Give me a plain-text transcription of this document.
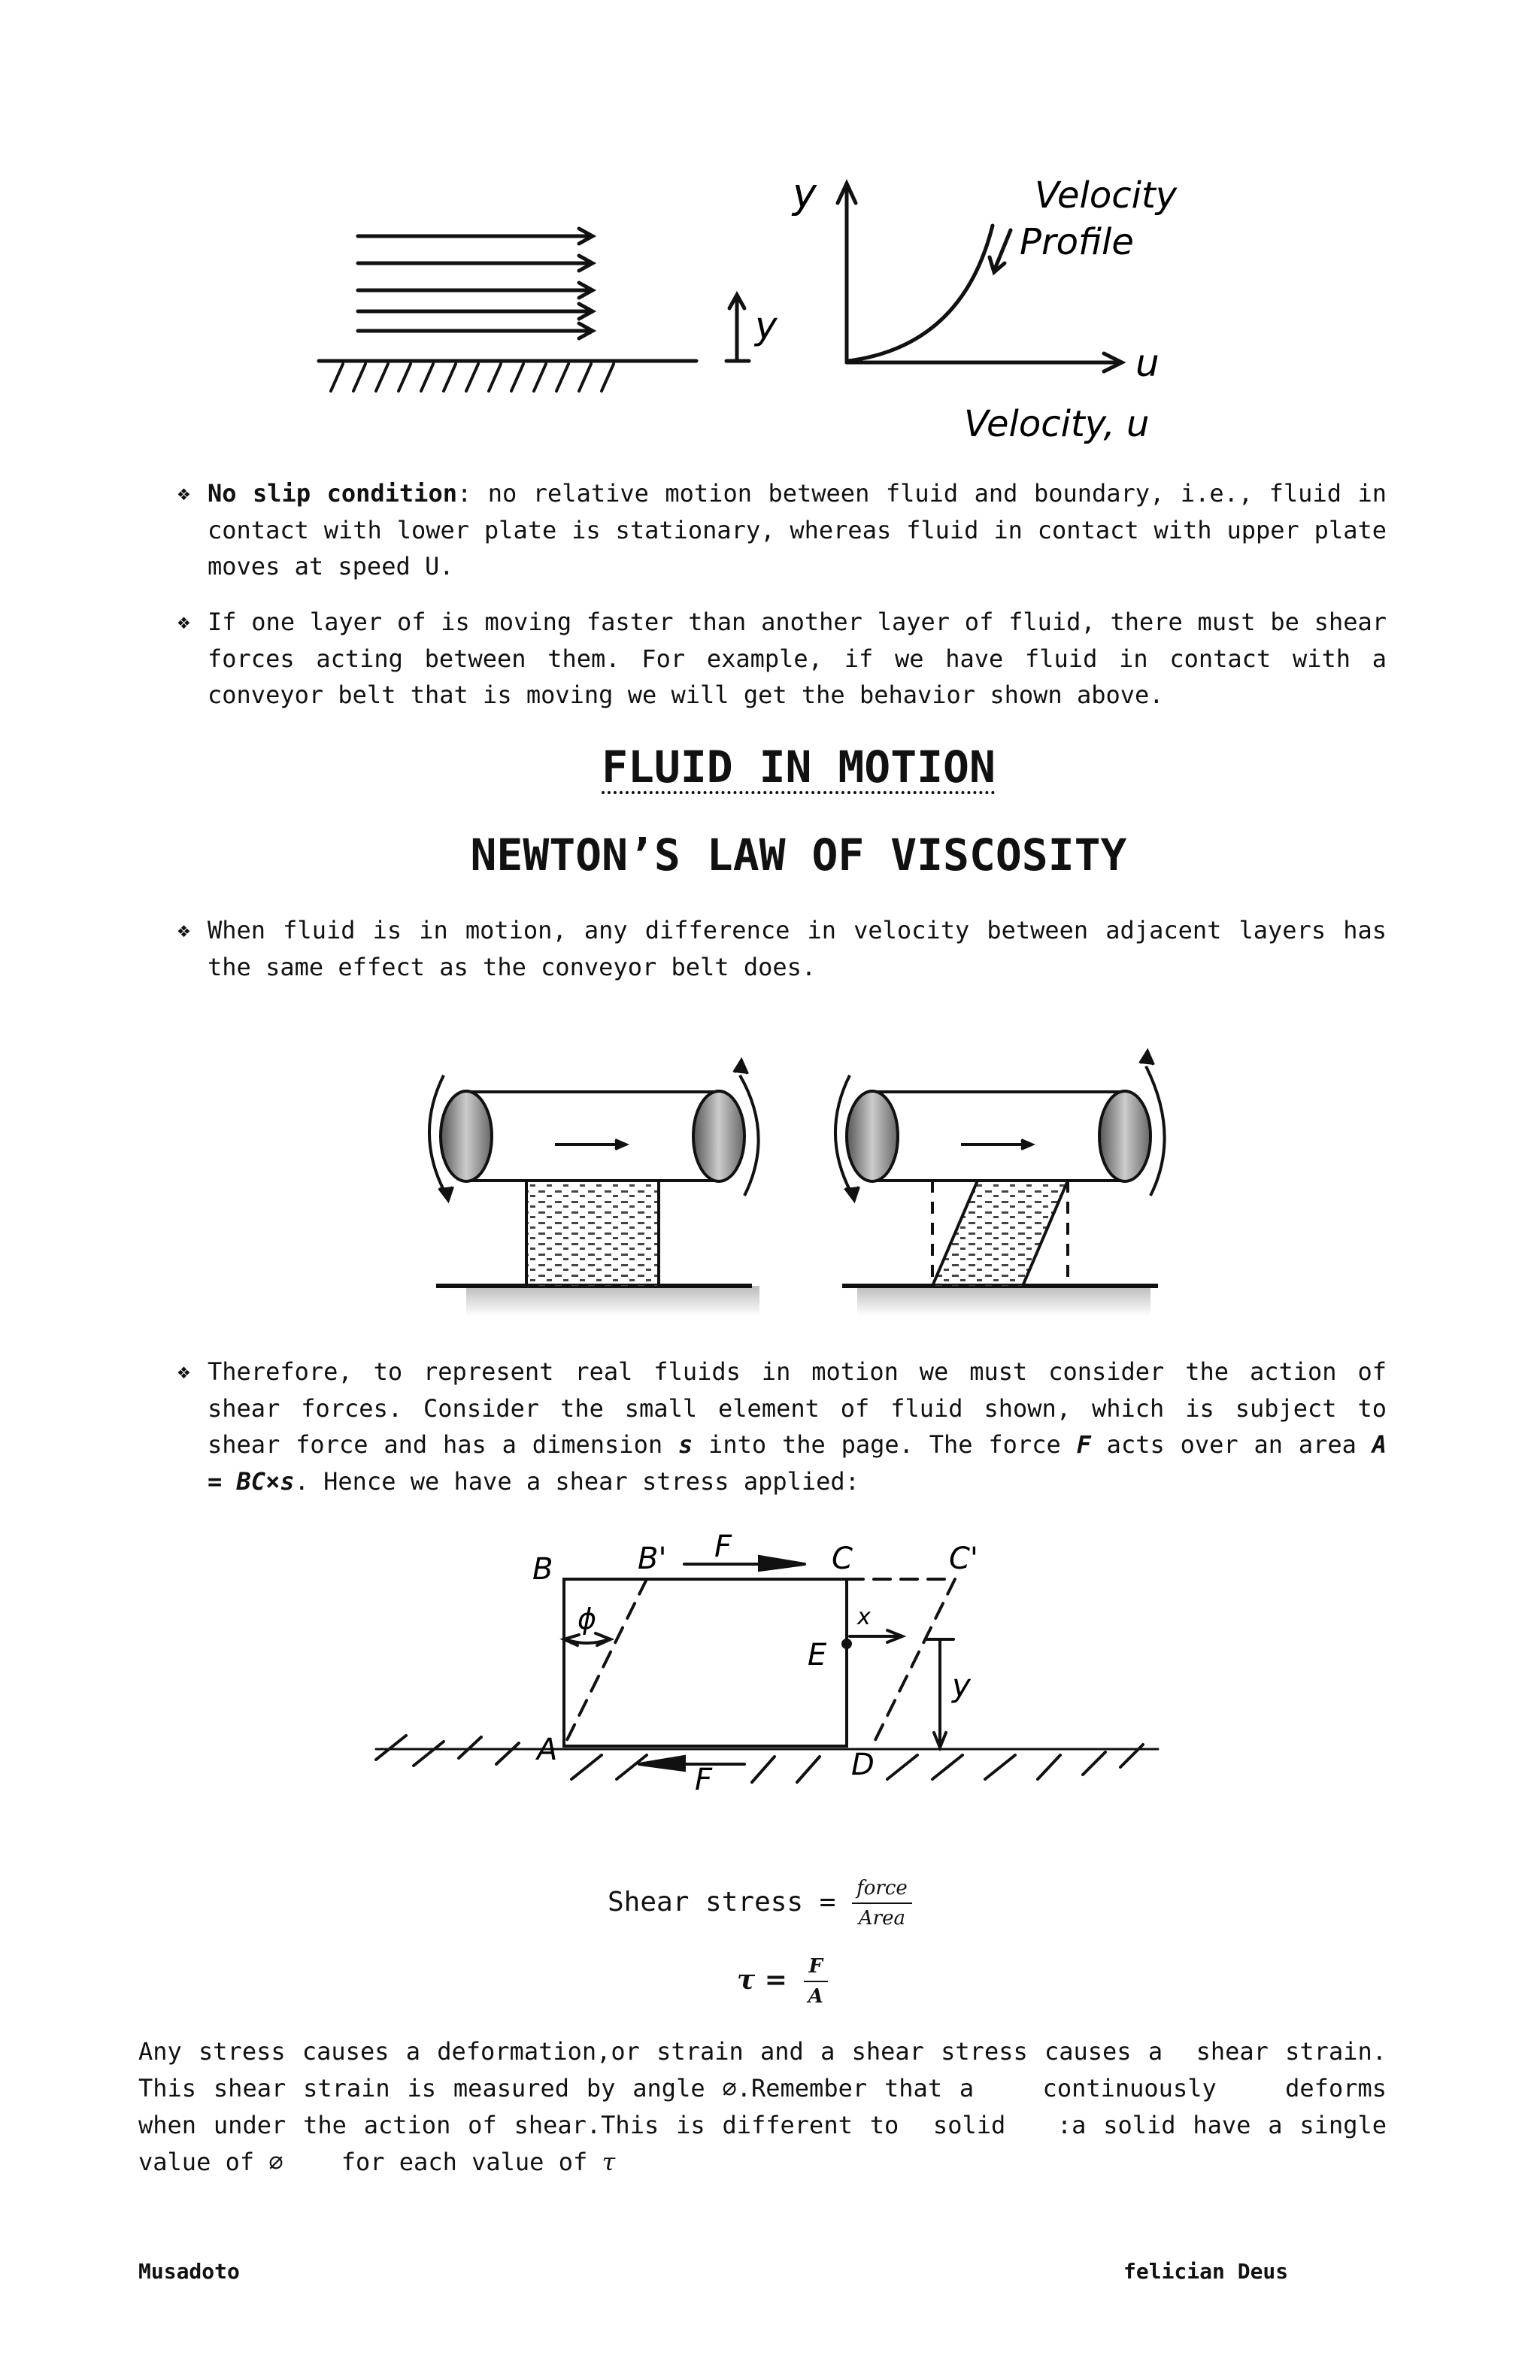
y
y
Velocity
Profile
u
Velocity, u
❖ No slip condition: no relative motion between fluid and boundary, i.e., fluid in contact with lower plate is stationary, whereas fluid in contact with upper plate moves at speed U.
❖ If one layer of is moving faster than another layer of fluid, there must be shear forces acting between them. For example, if we have fluid in contact with a conveyor belt that is moving we will get the behavior shown above.
FLUID IN MOTION
NEWTON’S LAW OF VISCOSITY
❖ When fluid is in motion, any difference in velocity between adjacent layers has the same effect as the conveyor belt does.
❖ Therefore, to represent real fluids in motion we must consider the action of shear forces. Consider the small element of fluid shown, which is subject to shear force and has a dimension s into the page. The force F acts over an area A = BC×s. Hence we have a shear stress applied:
B	B' F	C	C'
ϕ
E
x
y
A	D
F
Shear stress = $\frac{\text{force}}{\text{Area}}$
$\tau = \frac{F}{A}$
Any stress causes a deformation,or strain and a shear stress causes a  shear strain. This shear strain is measured by angle ∅.Remember that a    continuously    deforms when under the action of shear.This is different to  solid   :a solid have a single value of ∅    for each value of τ
Musadoto	felician Deus
